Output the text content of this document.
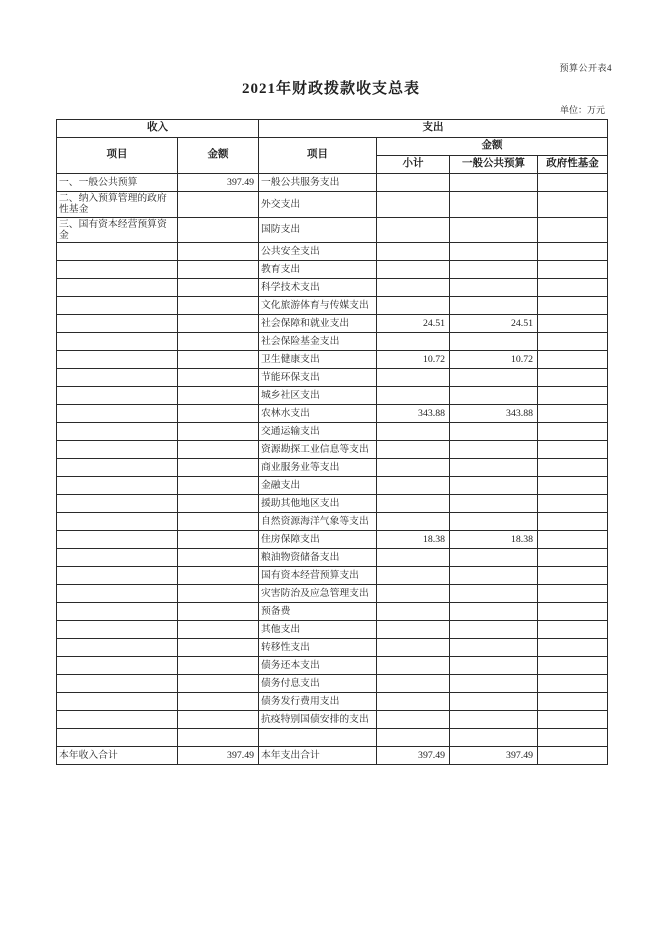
预算公开表4
2021年财政拨款收支总表
单位：万元
收入		支出			
项目	金额	项目	金额		
			小计	一般公共预算	政府性基金
一、一般公共预算	397.49	一般公共服务支出			
二、纳入预算管理的政府性基金		外交支出			
三、国有资本经营预算资金		国防支出			
		公共安全支出			
		教育支出			
		科学技术支出			
		文化旅游体育与传媒支出			
		社会保障和就业支出	24.51	24.51	
		社会保险基金支出			
		卫生健康支出	10.72	10.72	
		节能环保支出			
		城乡社区支出			
		农林水支出	343.88	343.88	
		交通运输支出			
		资源勘探工业信息等支出			
		商业服务业等支出			
		金融支出			
		援助其他地区支出			
		自然资源海洋气象等支出			
		住房保障支出	18.38	18.38	
		粮油物资储备支出			
		国有资本经营预算支出			
		灾害防治及应急管理支出			
		预备费			
		其他支出			
		转移性支出			
		债务还本支出			
		债务付息支出			
		债务发行费用支出			
		抗疫特别国债安排的支出			

本年收入合计	397.49	本年支出合计	397.49	397.49	
